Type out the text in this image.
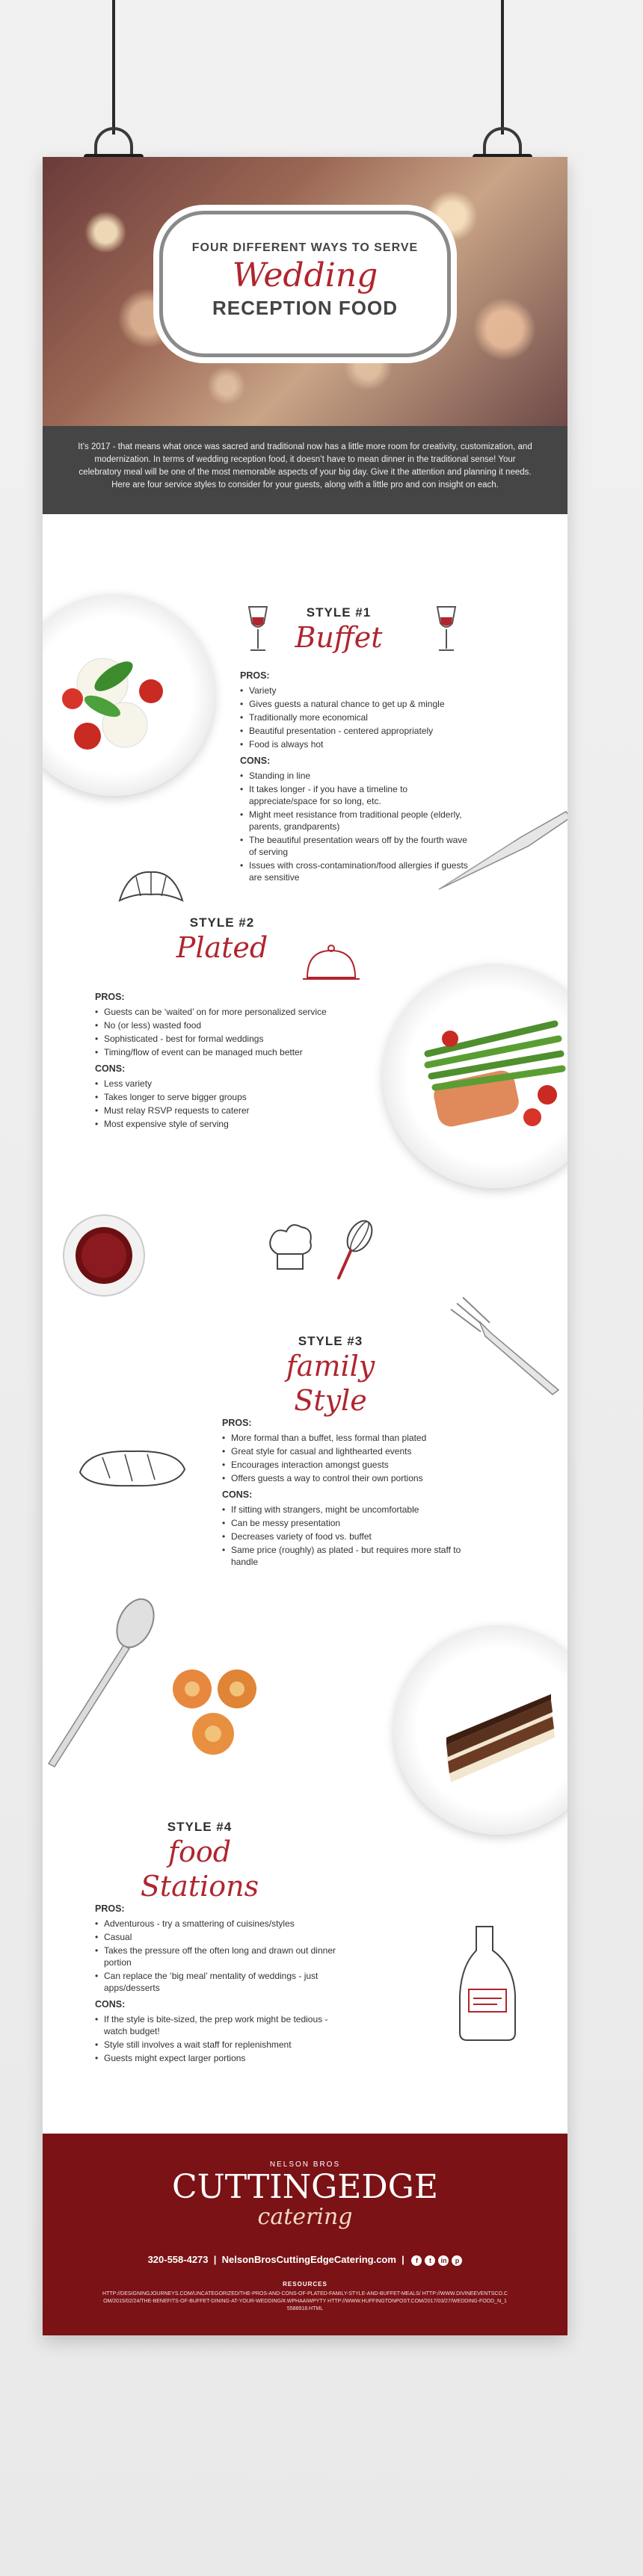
FOUR DIFFERENT WAYS TO SERVE
Wedding
RECEPTION FOOD
It’s 2017 - that means what once was sacred and traditional now has a little more room for creativity, customization, and modernization. In terms of wedding reception food, it doesn’t have to mean dinner in the traditional sense! Your celebratory meal will be one of the most memorable aspects of your big day. Give it the attention and planning it needs. Here are four service styles to consider for your guests, along with a little pro and con insight on each.
STYLE #1
Buffet
PROS:
• Variety
• Gives guests a natural chance to get up & mingle
• Traditionally more economical
• Beautiful presentation - centered appropriately
• Food is always hot
CONS:
• Standing in line
• It takes longer - if you have a timeline to appreciate/space for so long, etc.
• Might meet resistance from traditional people (elderly, parents, grandparents)
• The beautiful presentation wears off by the fourth wave of serving
• Issues with cross-contamination/food allergies if guests are sensitive
STYLE #2
Plated
PROS:
• Guests can be ‘waited’ on for more personalized service
• No (or less) wasted food
• Sophisticated - best for formal weddings
• Timing/flow of event can be managed much better
CONS:
• Less variety
• Takes longer to serve bigger groups
• Must relay RSVP requests to caterer
• Most expensive style of serving
STYLE #3
family Style
PROS:
• More formal than a buffet, less formal than plated
• Great style for casual and lighthearted events
• Encourages interaction amongst guests
• Offers guests a way to control their own portions
CONS:
• If sitting with strangers, might be uncomfortable
• Can be messy presentation
• Decreases variety of food vs. buffet
• Same price (roughly) as plated - but requires more staff to handle
STYLE #4
food Stations
PROS:
• Adventurous - try a smattering of cuisines/styles
• Casual
• Takes the pressure off the often long and drawn out dinner portion
• Can replace the ‘big meal’ mentality of weddings - just apps/desserts
CONS:
• If the style is bite-sized, the prep work might be tedious - watch budget!
• Style still involves a wait staff for replenishment
• Guests might expect larger portions
NELSON BROS
CUTTINGEDGE
catering
320-558-4273 | NelsonBrosCuttingEdgeCatering.com |	f	t	in	p
RESOURCES
HTTP://DESIGNINGJOURNEYS.COM/UNCATEGORIZED/THE-PROS-AND-CONS-OF-PLATED-FAMILY-STYLE-AND-BUFFET-MEALS/ HTTP://WWW.DIVINEEVENTSCO.COM/2015/02/24/THE-BENEFITS-OF-BUFFET-DINING-AT-YOUR-WEDDING/#.WPHAAIWPYTY HTTP://WWW.HUFFINGTONPOST.COM/2017/03/27/WEDDING-FOOD_N_15588918.HTML
